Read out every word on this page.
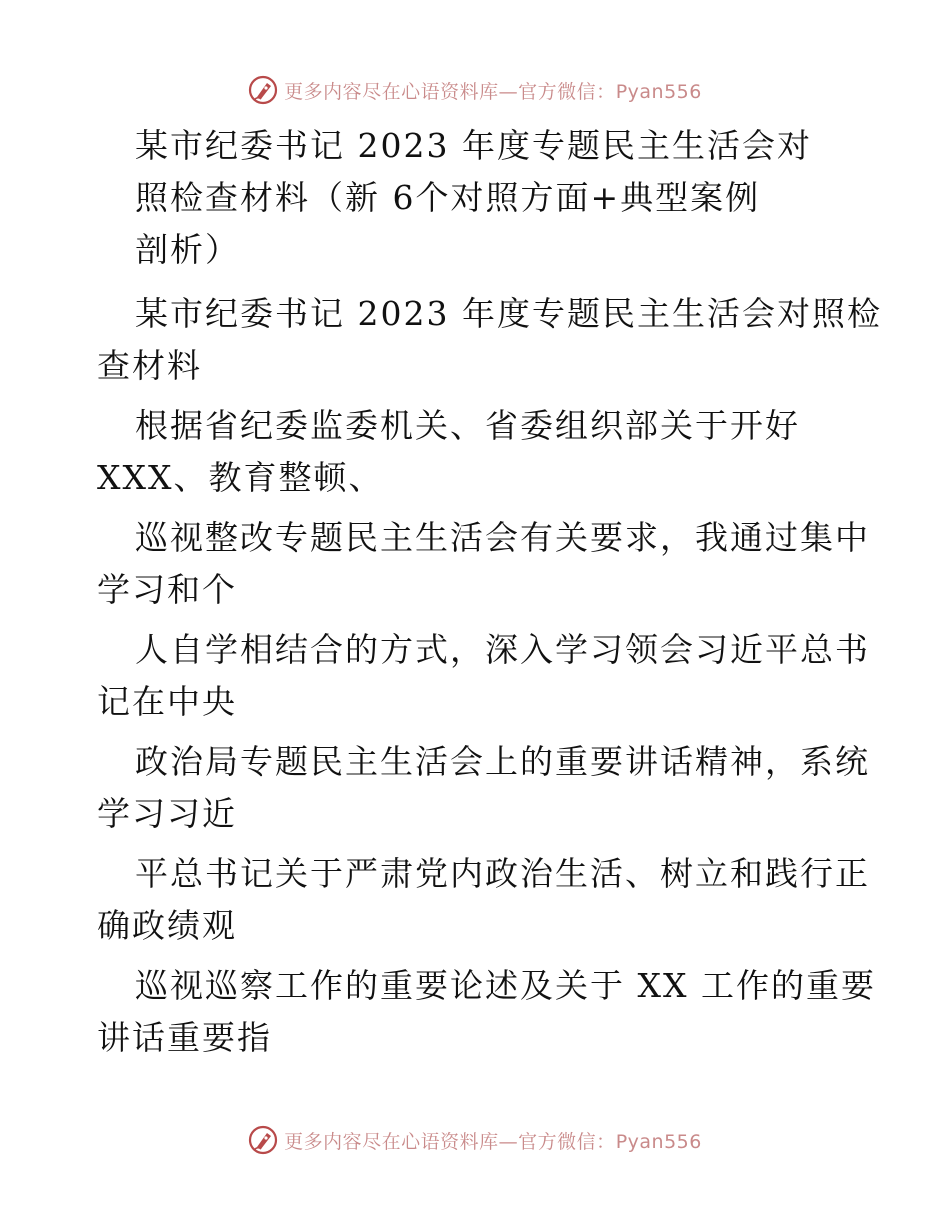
更多内容尽在心语资料库—官方微信：Pyan556
某市纪委书记 2023 年度专题民主生活会对
照检查材料（新 6个对照方面+典型案例
剖析）
某市纪委书记 2023 年度专题民主生活会对照检
查材料
根据省纪委监委机关、省委组织部关于开好
XXX、教育整顿、
巡视整改专题民主生活会有关要求，我通过集中
学习和个
人自学相结合的方式，深入学习领会习近平总书
记在中央
政治局专题民主生活会上的重要讲话精神，系统
学习习近
平总书记关于严肃党内政治生活、树立和践行正
确政绩观
巡视巡察工作的重要论述及关于 XX 工作的重要
讲话重要指
更多内容尽在心语资料库—官方微信：Pyan556
